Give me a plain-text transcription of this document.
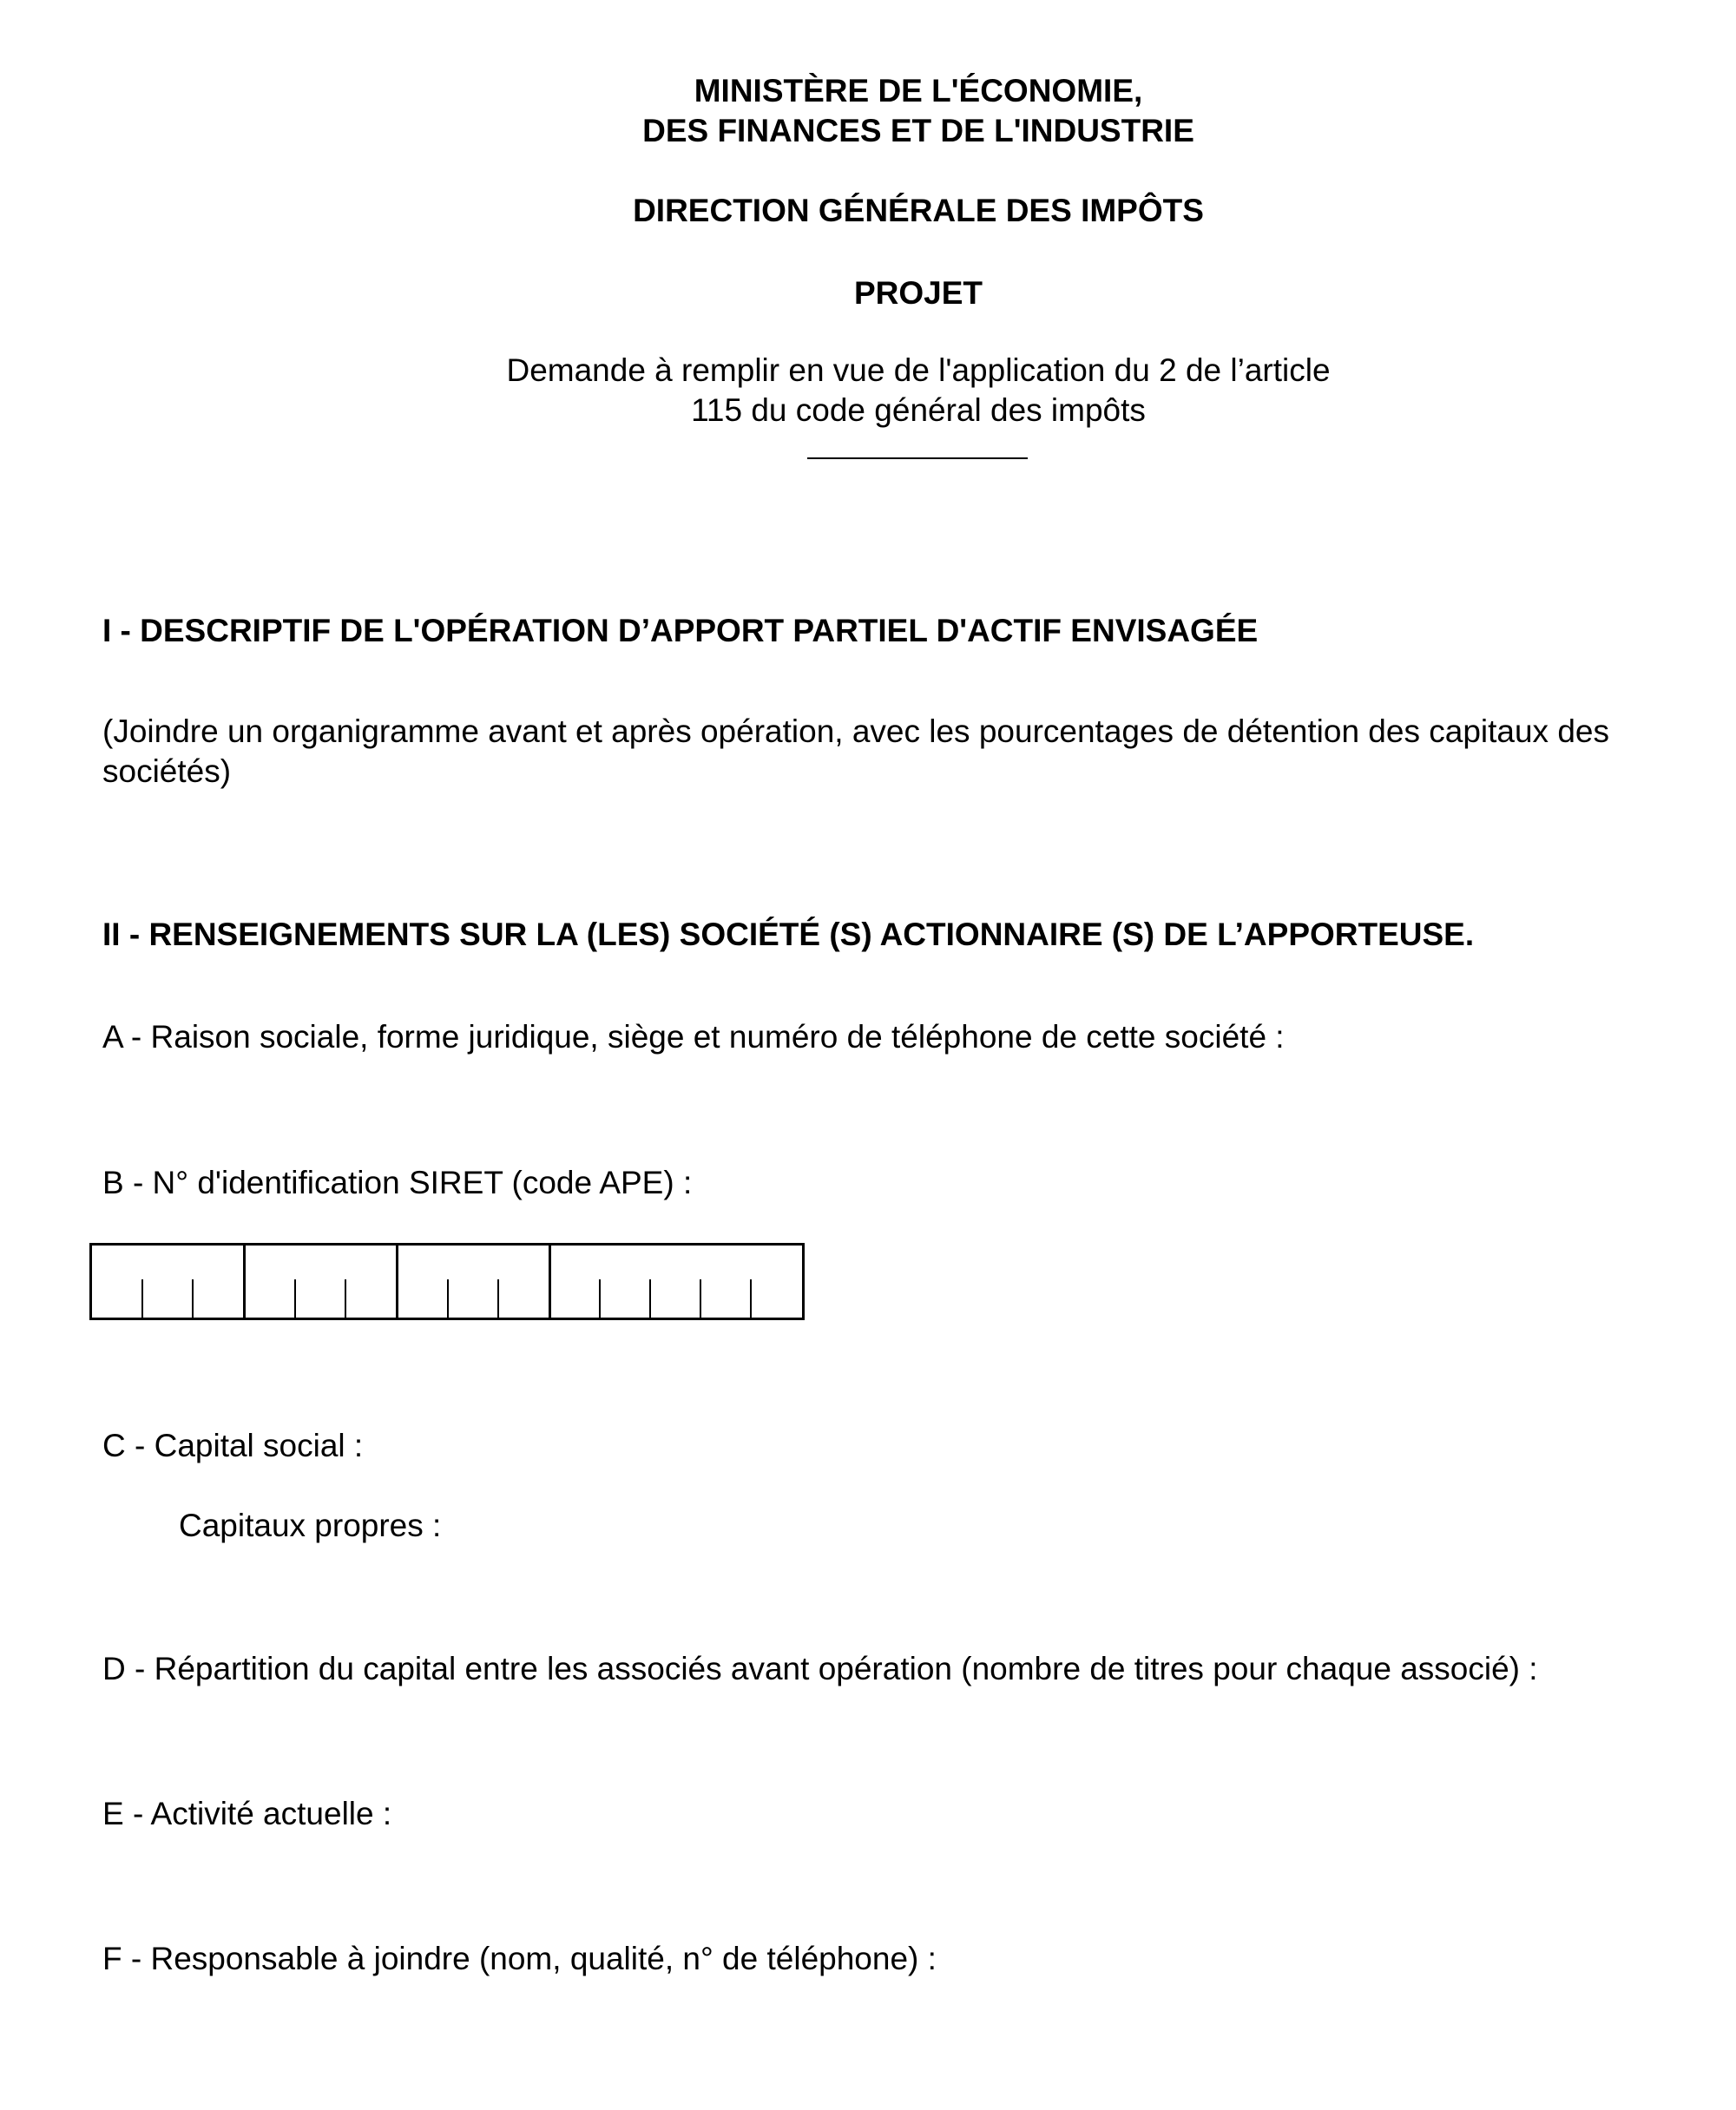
MINISTÈRE DE L'ÉCONOMIE,
DES FINANCES ET DE L'INDUSTRIE
DIRECTION GÉNÉRALE DES IMPÔTS
PROJET
Demande à remplir en vue de l'application du 2 de l’article
115 du code général des impôts
I - DESCRIPTIF DE L'OPÉRATION D’APPORT PARTIEL D'ACTIF ENVISAGÉE
(Joindre un organigramme avant et après opération, avec les pourcentages de détention des capitaux des sociétés)
II - RENSEIGNEMENTS SUR LA (LES) SOCIÉTÉ (S) ACTIONNAIRE (S) DE L’APPORTEUSE.
A - Raison sociale, forme juridique, siège et numéro de téléphone de cette société :
B - N° d'identification SIRET (code APE) :
C - Capital social :
Capitaux propres :
D - Répartition du capital entre les associés avant opération (nombre de titres pour chaque associé) :
E - Activité actuelle :
F - Responsable à joindre (nom, qualité, n° de téléphone) :
